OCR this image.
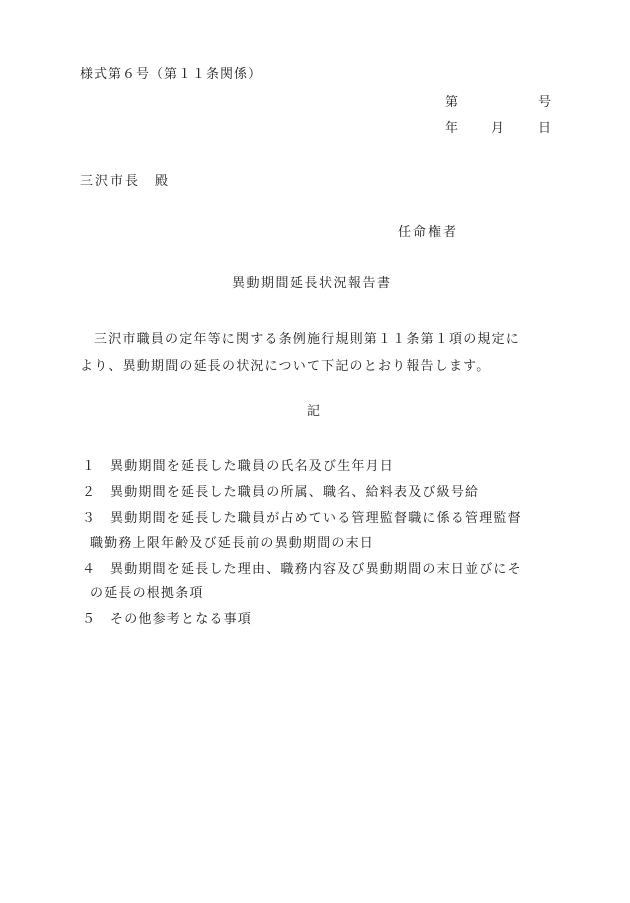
様式第６号（第１１条関係）
第	号
年 月	日
三沢市長　殿
任命権者
異動期間延長状況報告書
三沢市職員の定年等に関する条例施行規則第１１条第１項の規定に
より、異動期間の延長の状況について下記のとおり報告します。
記
１ 異動期間を延長した職員の氏名及び生年月日
２ 異動期間を延長した職員の所属、職名、給料表及び級号給
３ 異動期間を延長した職員が占めている管理監督職に係る管理監督
職勤務上限年齢及び延長前の異動期間の末日
４ 異動期間を延長した理由、職務内容及び異動期間の末日並びにそ
の延長の根拠条項
５ その他参考となる事項
